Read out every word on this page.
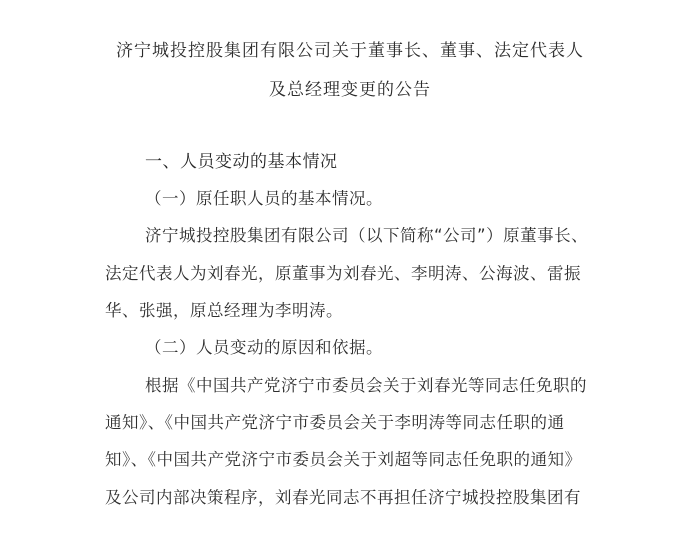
济宁城投控股集团有限公司关于董事长、董事、法定代表人
及总经理变更的公告
一、人员变动的基本情况
（一）原任职人员的基本情况。
济宁城投控股集团有限公司（以下简称“公司”）原董事长、
法定代表人为刘春光，原董事为刘春光、李明涛、公海波、雷振
华、张强，原总经理为李明涛。
（二）人员变动的原因和依据。
根据《中国共产党济宁市委员会关于刘春光等同志任免职的
通知》、《中国共产党济宁市委员会关于李明涛等同志任职的通
知》、《中国共产党济宁市委员会关于刘超等同志任免职的通知》
及公司内部决策程序，刘春光同志不再担任济宁城投控股集团有
